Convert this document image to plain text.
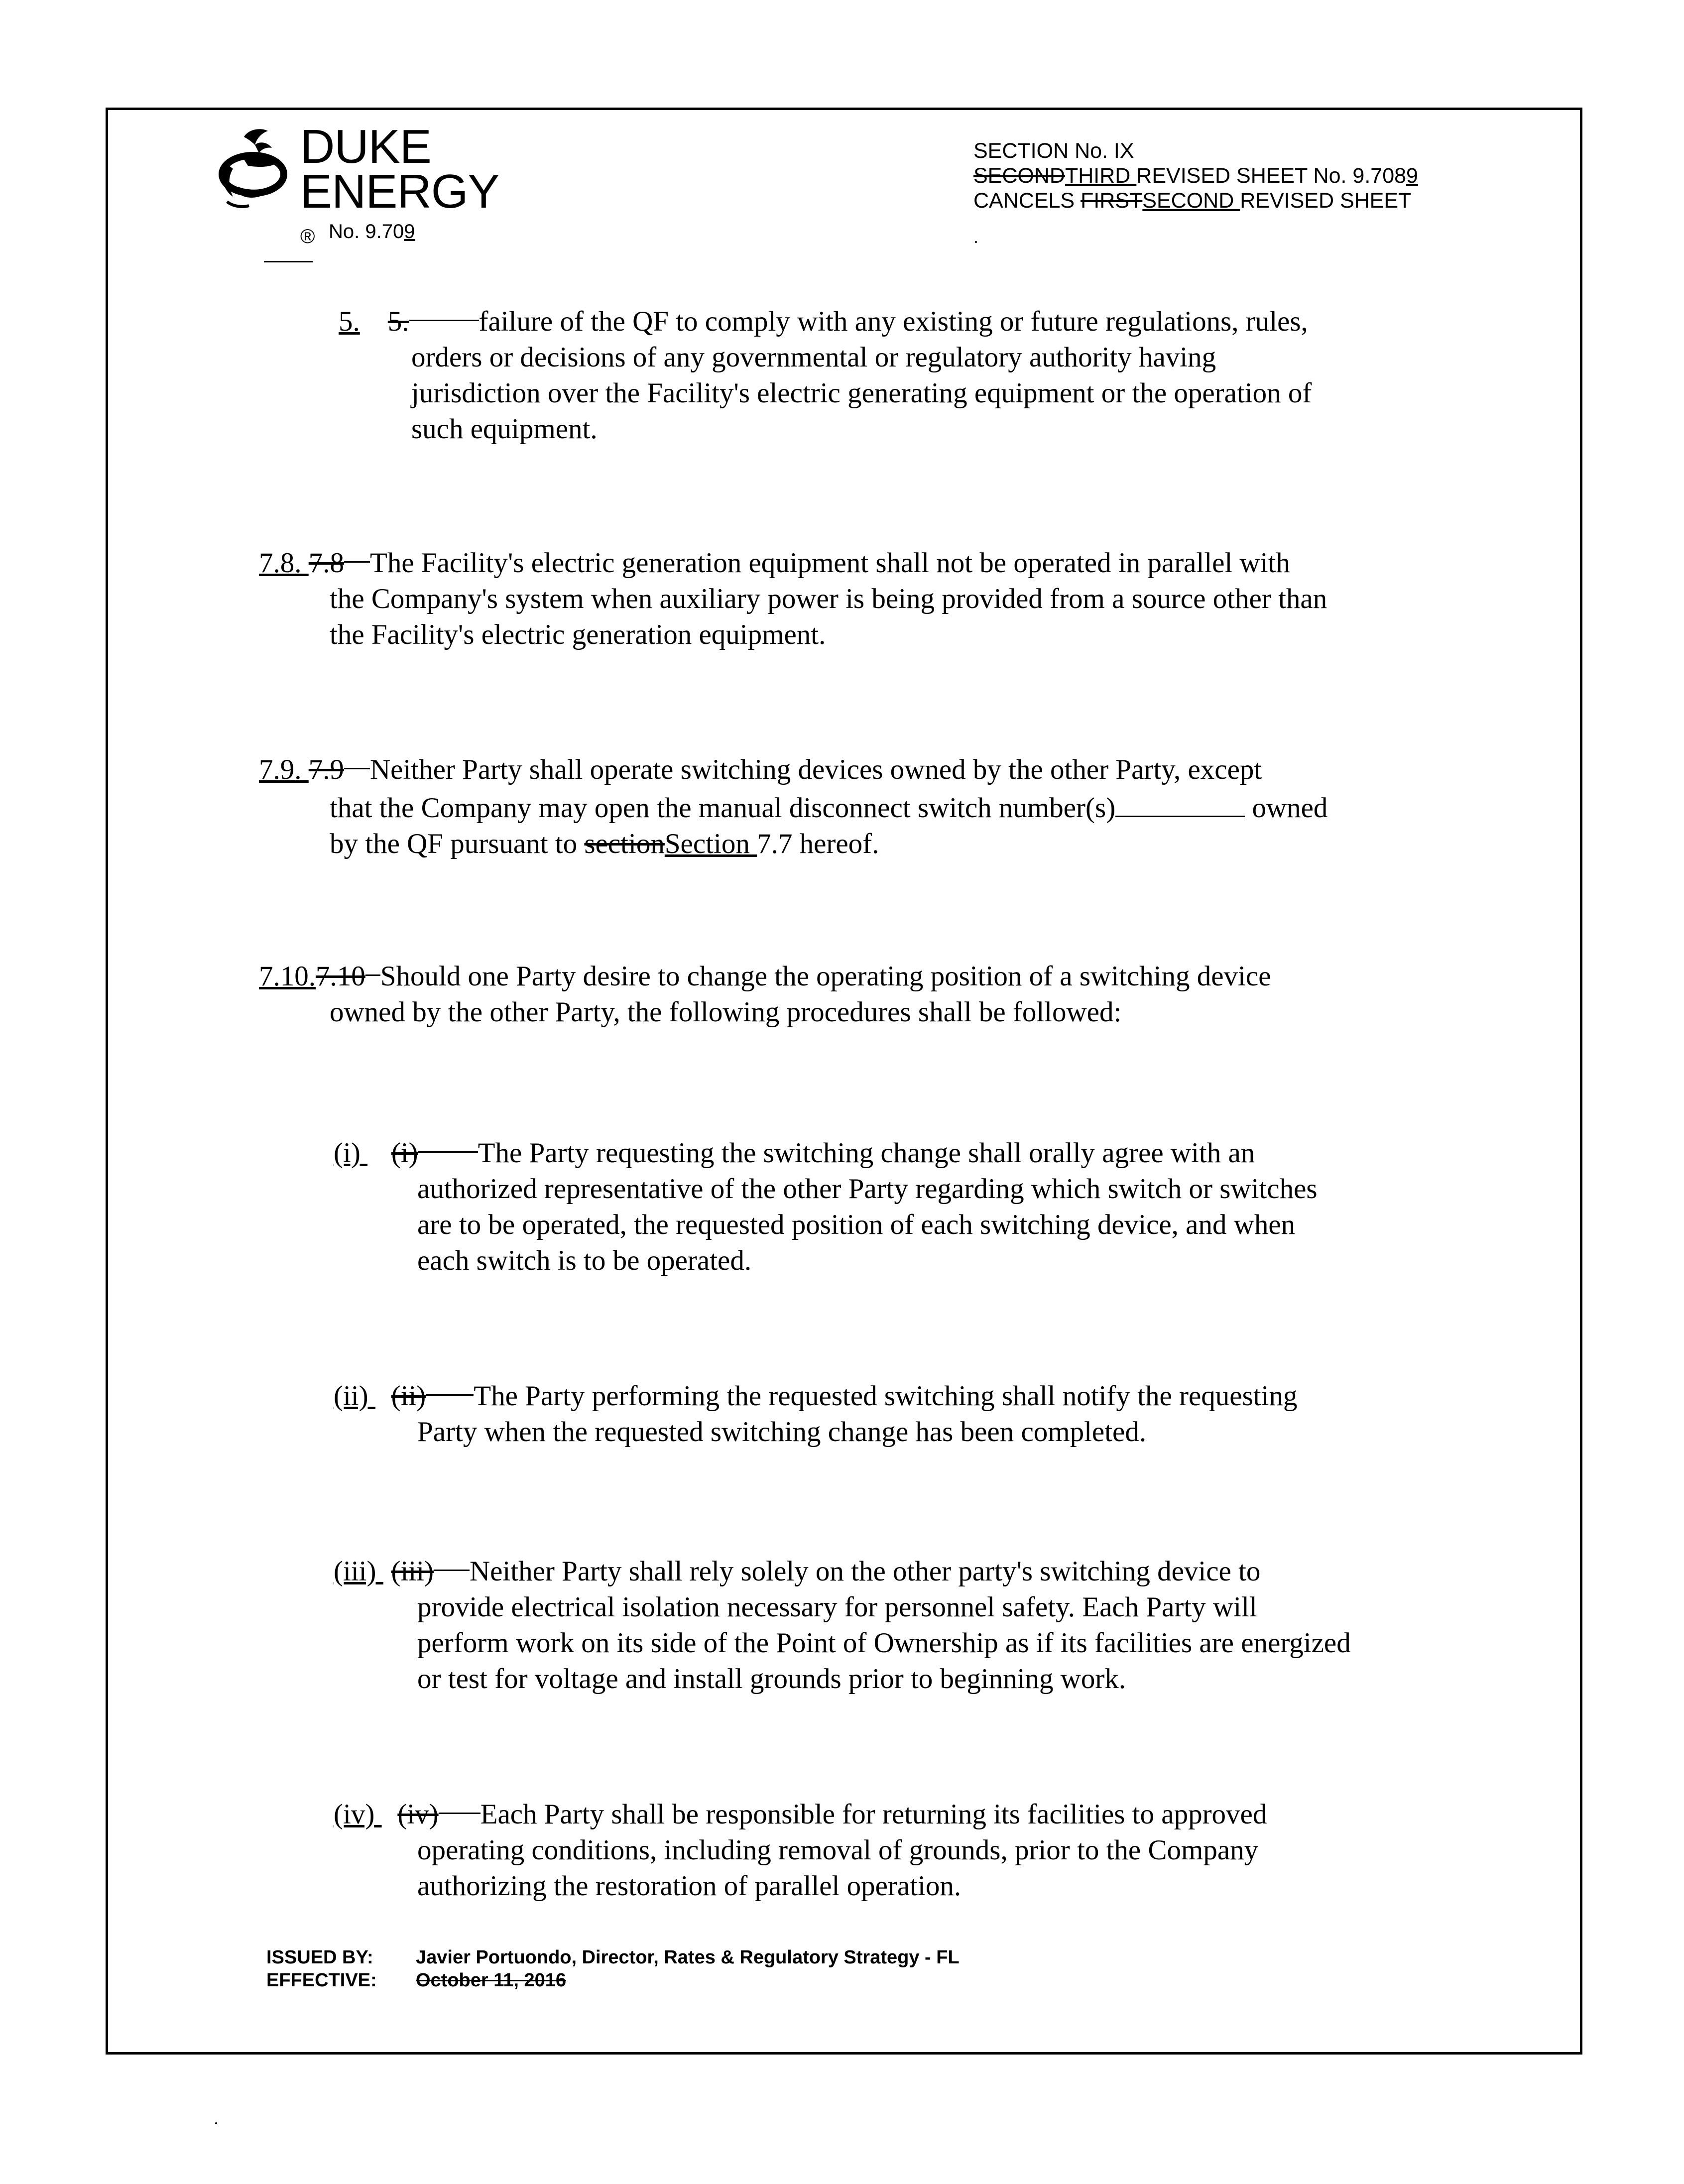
DUKE
ENERGY
® No. 9.709
SECTION No. IX
SECONDTHIRD REVISED SHEET No. 9.7089
CANCELS FIRSTSECOND REVISED SHEET
5. 5. failure of the QF to comply with any existing or future regulations, rules,
orders or decisions of any governmental or regulatory authority having
jurisdiction over the Facility's electric generating equipment or the operation of
such equipment.
7.8. 7.8 The Facility's electric generation equipment shall not be operated in parallel with
the Company's system when auxiliary power is being provided from a source other than
the Facility's electric generation equipment.
7.9. 7.9 Neither Party shall operate switching devices owned by the other Party, except
that the Company may open the manual disconnect switch number(s)	owned
by the QF pursuant to sectionSection 7.7 hereof.
7.10.7.10 Should one Party desire to change the operating position of a switching device
owned by the other Party, the following procedures shall be followed:
(i) (i) The Party requesting the switching change shall orally agree with an
authorized representative of the other Party regarding which switch or switches
are to be operated, the requested position of each switching device, and when
each switch is to be operated.
(ii) (ii) The Party performing the requested switching shall notify the requesting
Party when the requested switching change has been completed.
(iii) (iii) Neither Party shall rely solely on the other party's switching device to
provide electrical isolation necessary for personnel safety. Each Party will
perform work on its side of the Point of Ownership as if its facilities are energized
or test for voltage and install grounds prior to beginning work.
(iv) (iv) Each Party shall be responsible for returning its facilities to approved
operating conditions, including removal of grounds, prior to the Company
authorizing the restoration of parallel operation.
ISSUED BY: Javier Portuondo, Director, Rates & Regulatory Strategy - FL
EFFECTIVE: October 11, 2016
